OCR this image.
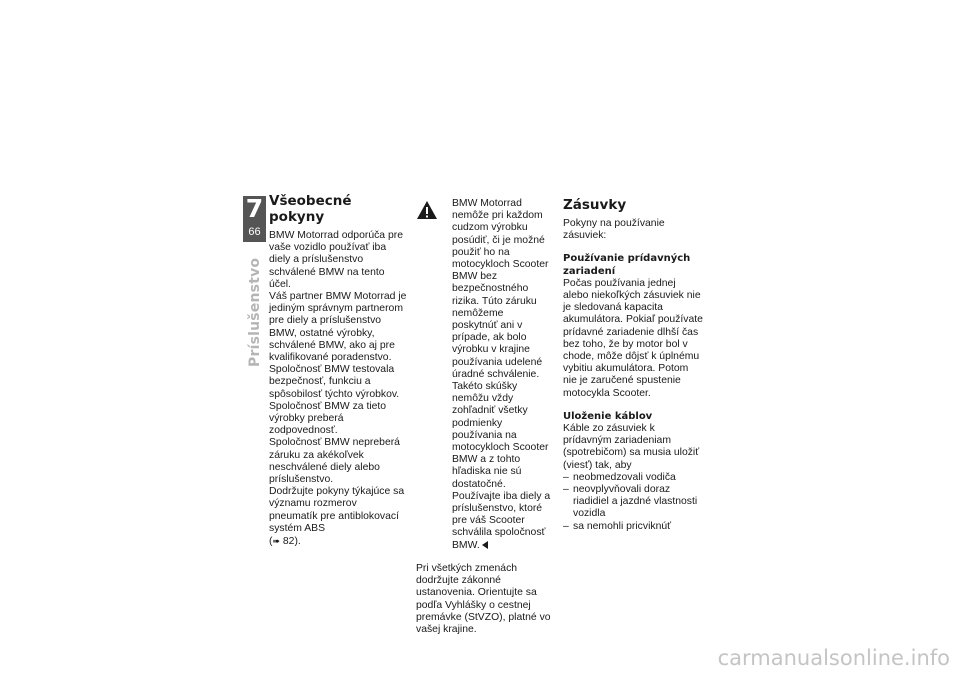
7
66
Príslušenstvo
Všeobecné pokyny

BMW Motorrad odporúča pre vaše vozidlo používať iba diely a príslušenstvo schválené BMW na tento účel.

Váš partner BMW Motorrad je jediným správnym partnerom pre diely a príslušenstvo BMW, ostatné výrobky, schválené BMW, ako aj pre kvalifikované poradenstvo.

Spoločnosť BMW testovala bezpečnosť, funkciu a spôsobilosť týchto výrobkov. Spoločnosť BMW za tieto výrobky preberá zodpovednosť.

Spoločnosť BMW nepreberá záruku za akékoľvek neschválené diely alebo príslušenstvo.

Dodržujte pokyny týkajúce sa významu rozmerov pneumatík pre antiblokovací systém ABS
(➠ 82).

BMW Motorrad nemôže pri každom cudzom výrobku posúdiť, či je možné použiť ho na motocykloch Scooter BMW bez bezpečnostného rizika. Túto záruku nemôžeme poskytnúť ani v prípade, ak bolo výrobku v krajine používania udelené úradné schválenie. Takéto skúšky nemôžu vždy zohľadniť všetky podmienky používania na motocykloch Scooter BMW a z tohto hľadiska nie sú dostatočné. Používajte iba diely a príslušenstvo, ktoré pre váš Scooter schválila spoločnosť BMW.

Pri všetkých zmenách dodržujte zákonné ustanovenia. Orientujte sa podľa Vyhlášky o cestnej premávke (StVZO), platné vo vašej krajine.

Zásuvky

Pokyny na používanie zásuviek:

Používanie prídavných zariadení

Počas používania jednej alebo niekoľkých zásuviek nie je sledovaná kapacita akumulátora. Pokiaľ používate prídavné zariadenie dlhší čas bez toho, že by motor bol v chode, môže dôjsť k úplnému vybitiu akumulátora. Potom nie je zaručené spustenie motocykla Scooter.

Uloženie káblov

Káble zo zásuviek k prídavným zariadeniam (spotrebičom) sa musia uložiť (viesť) tak, aby

– neobmedzovali vodiča
– neovplyvňovali doraz riadidiel a jazdné vlastnosti vozidla
– sa nemohli pricviknúť
carmanualsonline.info
